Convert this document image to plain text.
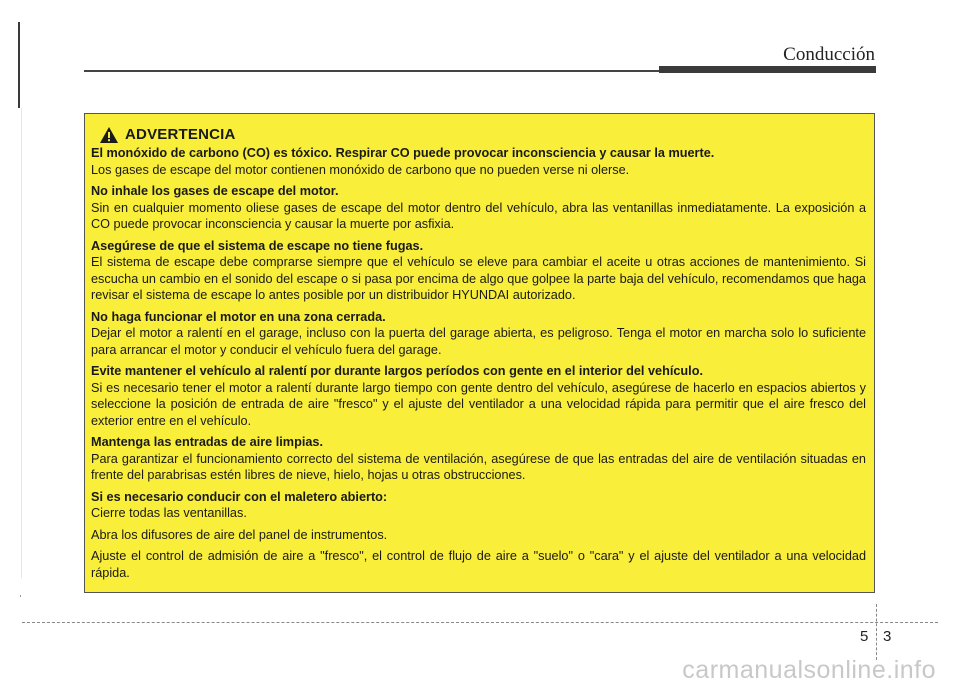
Conducción
ADVERTENCIA

El monóxido de carbono (CO) es tóxico. Respirar CO puede provocar inconsciencia y causar la muerte.

Los gases de escape del motor contienen monóxido de carbono que no pueden verse ni olerse.

No inhale los gases de escape del motor.

Sin en cualquier momento oliese gases de escape del motor dentro del vehículo, abra las ventanillas inmediatamente. La exposición a CO puede provocar inconsciencia y causar la muerte por asfixia.

Asegúrese de que el sistema de escape no tiene fugas.

El sistema de escape debe comprarse siempre que el vehículo se eleve para cambiar el aceite u otras acciones de mantenimiento. Si escucha un cambio en el sonido del escape o si pasa por encima de algo que golpee la parte baja del vehículo, recomendamos que haga revisar el sistema de escape lo antes posible por un distribuidor HYUNDAI autorizado.

No haga funcionar el motor en una zona cerrada.

Dejar el motor a ralentí en el garage, incluso con la puerta del garage abierta, es peligroso. Tenga el motor en marcha solo lo suficiente para arrancar el motor y conducir el vehículo fuera del garage.

Evite mantener el vehículo al ralentí por durante largos períodos con gente en el interior del vehículo.

Si es necesario tener el motor a ralentí durante largo tiempo con gente dentro del vehículo, asegúrese de hacerlo en espacios abiertos y seleccione la posición de entrada de aire "fresco" y el ajuste del ventilador a una velocidad rápida para permitir que el aire fresco del exterior entre en el vehículo.

Mantenga las entradas de aire limpias.

Para garantizar el funcionamiento correcto del sistema de ventilación, asegúrese de que las entradas del aire de ventilación situadas en frente del parabrisas estén libres de nieve, hielo, hojas u otras obstrucciones.

Si es necesario conducir con el maletero abierto:

Cierre todas las ventanillas.

Abra los difusores de aire del panel de instrumentos.

Ajuste el control de admisión de aire a "fresco", el control de flujo de aire a "suelo" o "cara" y el ajuste del ventilador a una velocidad rápida.

5 3
carmanualsonline.info
